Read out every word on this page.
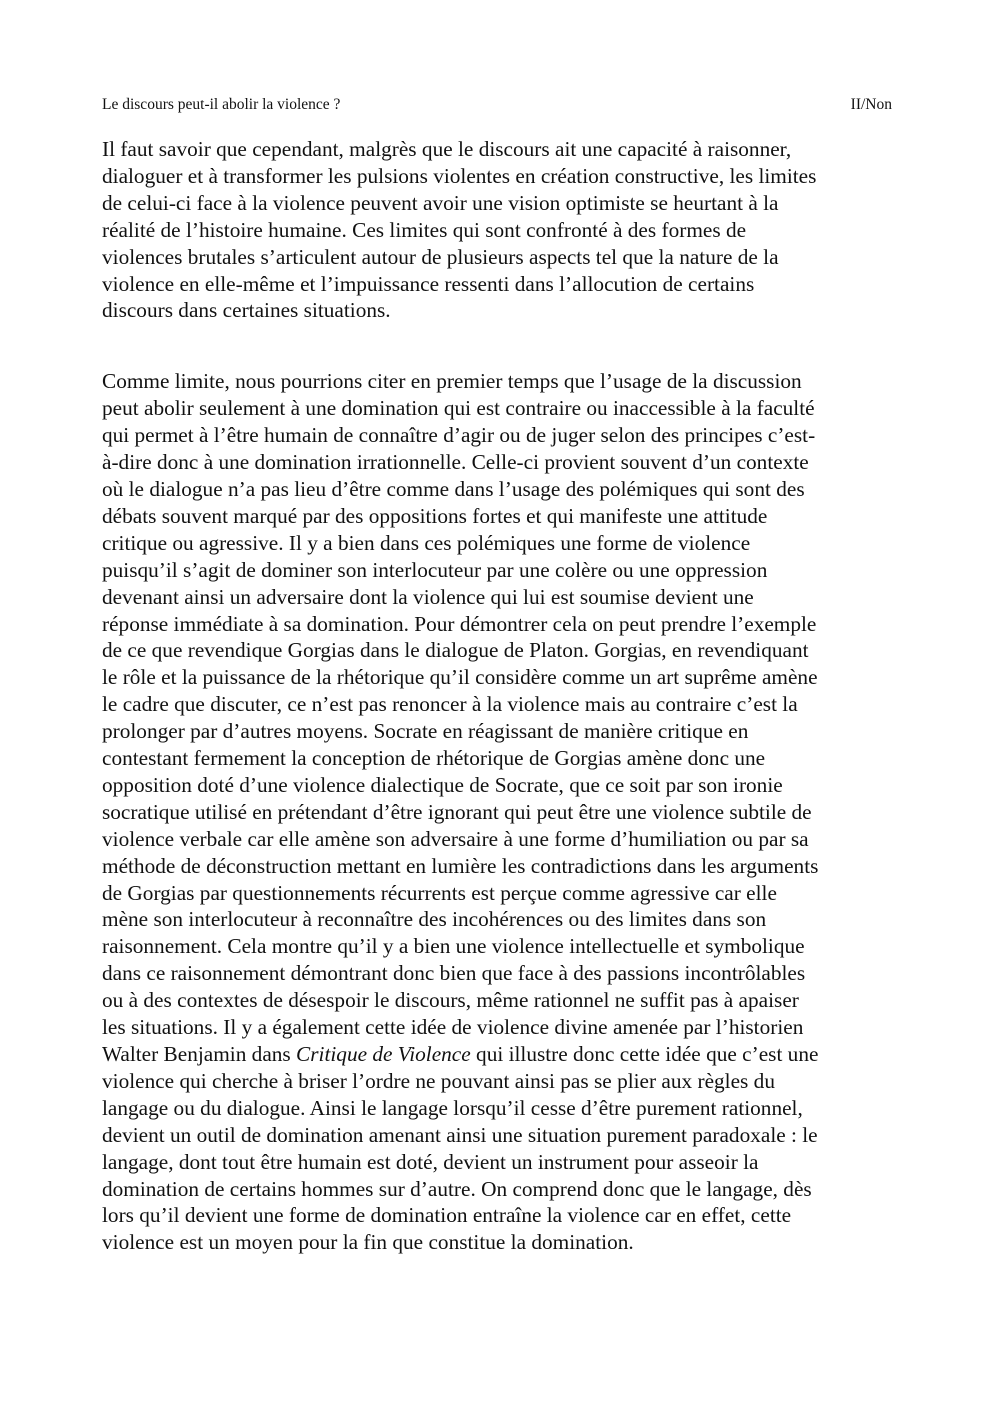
Le discours peut-il abolir la violence ?	II/Non

Il faut savoir que cependant, malgrès que le discours ait une capacité à raisonner,
dialoguer et à transformer les pulsions violentes en création constructive, les limites
de celui-ci face à la violence peuvent avoir une vision optimiste se heurtant à la
réalité de l’histoire humaine. Ces limites qui sont confronté à des formes de
violences brutales s’articulent autour de plusieurs aspects tel que la nature de la
violence en elle-même et l’impuissance ressenti dans l’allocution de certains
discours dans certaines situations.

Comme limite, nous pourrions citer en premier temps que l’usage de la discussion
peut abolir seulement à une domination qui est contraire ou inaccessible à la faculté
qui permet à l’être humain de connaître d’agir ou de juger selon des principes c’est-
à-dire donc à une domination irrationnelle. Celle-ci provient souvent d’un contexte
où le dialogue n’a pas lieu d’être comme dans l’usage des polémiques qui sont des
débats souvent marqué par des oppositions fortes et qui manifeste une attitude
critique ou agressive. Il y a bien dans ces polémiques une forme de violence
puisqu’il s’agit de dominer son interlocuteur par une colère ou une oppression
devenant ainsi un adversaire dont la violence qui lui est soumise devient une
réponse immédiate à sa domination. Pour démontrer cela on peut prendre l’exemple
de ce que revendique Gorgias dans le dialogue de Platon. Gorgias, en revendiquant
le rôle et la puissance de la rhétorique qu’il considère comme un art suprême amène
le cadre que discuter, ce n’est pas renoncer à la violence mais au contraire c’est la
prolonger par d’autres moyens. Socrate en réagissant de manière critique en
contestant fermement la conception de rhétorique de Gorgias amène donc une
opposition doté d’une violence dialectique de Socrate, que ce soit par son ironie
socratique utilisé en prétendant d’être ignorant qui peut être une violence subtile de
violence verbale car elle amène son adversaire à une forme d’humiliation ou par sa
méthode de déconstruction mettant en lumière les contradictions dans les arguments
de Gorgias par questionnements récurrents est perçue comme agressive car elle
mène son interlocuteur à reconnaître des incohérences ou des limites dans son
raisonnement. Cela montre qu’il y a bien une violence intellectuelle et symbolique
dans ce raisonnement démontrant donc bien que face à des passions incontrôlables
ou à des contextes de désespoir le discours, même rationnel ne suffit pas à apaiser
les situations. Il y a également cette idée de violence divine amenée par l’historien
Walter Benjamin dans Critique de Violence qui illustre donc cette idée que c’est une
violence qui cherche à briser l’ordre ne pouvant ainsi pas se plier aux règles du
langage ou du dialogue. Ainsi le langage lorsqu’il cesse d’être purement rationnel,
devient un outil de domination amenant ainsi une situation purement paradoxale : le
langage, dont tout être humain est doté, devient un instrument pour asseoir la
domination de certains hommes sur d’autre. On comprend donc que le langage, dès
lors qu’il devient une forme de domination entraîne la violence car en effet, cette
violence est un moyen pour la fin que constitue la domination.
